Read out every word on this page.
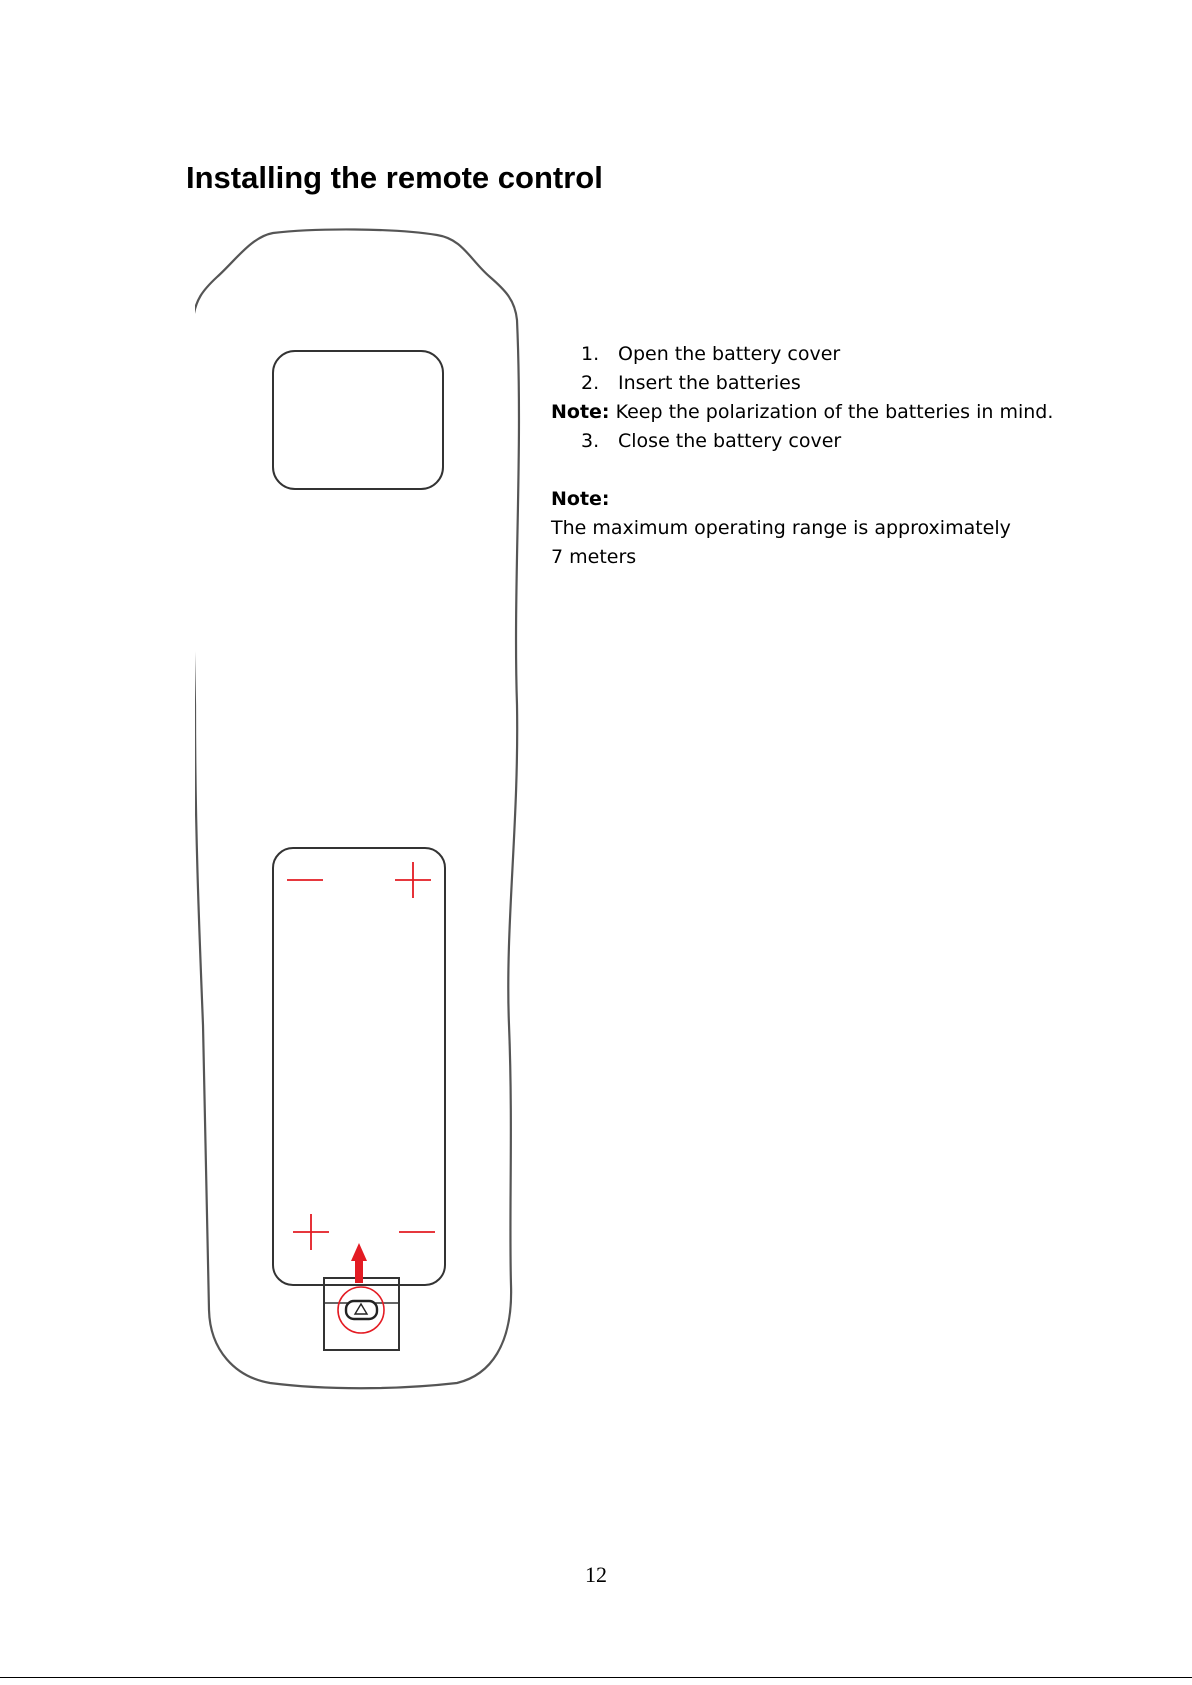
Installing the remote control
1. Open the battery cover
2. Insert the batteries

Note: Keep the polarization of the batteries in mind.

3. Close the battery cover

Note:

The maximum operating range is approximately 7 meters

12
